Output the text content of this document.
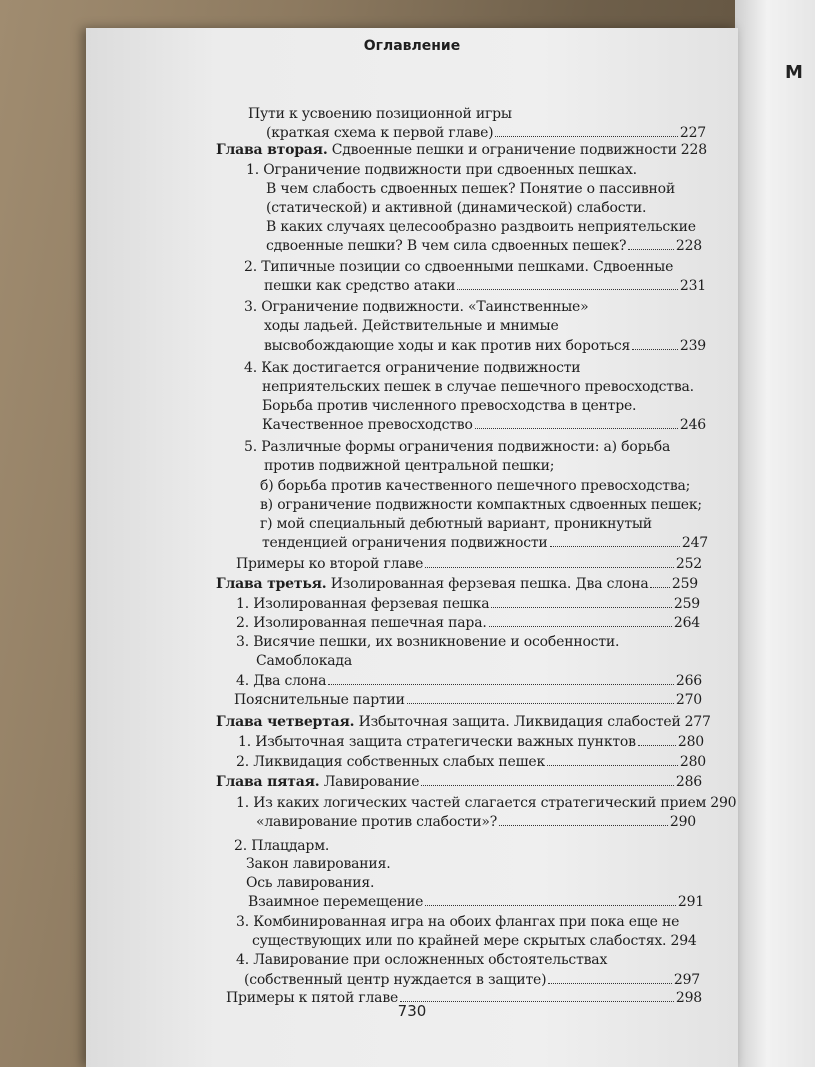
М
Оглавление
Пути к усвоению позиционной игры
(краткая схема к первой главе)	227
Глава вторая. Сдвоенные пешки и ограничение подвижности 228
1. Ограничение подвижности при сдвоенных пешках.
В чем слабость сдвоенных пешек? Понятие о пассивной
(статической) и активной (динамической) слабости.
В каких случаях целесообразно раздвоить неприятельские
сдвоенные пешки? В чем сила сдвоенных пешек?	228
2. Типичные позиции со сдвоенными пешками. Сдвоенные
пешки как средство атаки	231
3. Ограничение подвижности. «Таинственные»
ходы ладьей. Действительные и мнимые
высвобождающие ходы и как против них бороться	239
4. Как достигается ограничение подвижности
неприятельских пешек в случае пешечного превосходства.
Борьба против численного превосходства в центре.
Качественное превосходство	246
5. Различные формы ограничения подвижности: а) борьба
против подвижной центральной пешки;
б) борьба против качественного пешечного превосходства;
в) ограничение подвижности компактных сдвоенных пешек;
г) мой специальный дебютный вариант, проникнутый
тенденцией ограничения подвижности	247
Примеры ко второй главе	252
Глава третья. Изолированная ферзевая пешка. Два слона 259
1. Изолированная ферзевая пешка	259
2. Изолированная пешечная пара.	264
3. Висячие пешки, их возникновение и особенности.
Самоблокада
4. Два слона	266
Пояснительные партии	270
Глава четвертая. Избыточная защита. Ликвидация слабостей 277
1. Избыточная защита стратегически важных пунктов	280
2. Ликвидация собственных слабых пешек	280
Глава пятая. Лавирование	286
1. Из каких логических частей слагается стратегический прием 290
«лавирование против слабости»?	290
2. Плацдарм.
Закон лавирования.
Ось лавирования.
Взаимное перемещение	291
3. Комбинированная игра на обоих флангах при пока еще не
существующих или по крайней мере скрытых слабостях. 294
4. Лавирование при осложненных обстоятельствах
(собственный центр нуждается в защите)	297
Примеры к пятой главе	298
730
